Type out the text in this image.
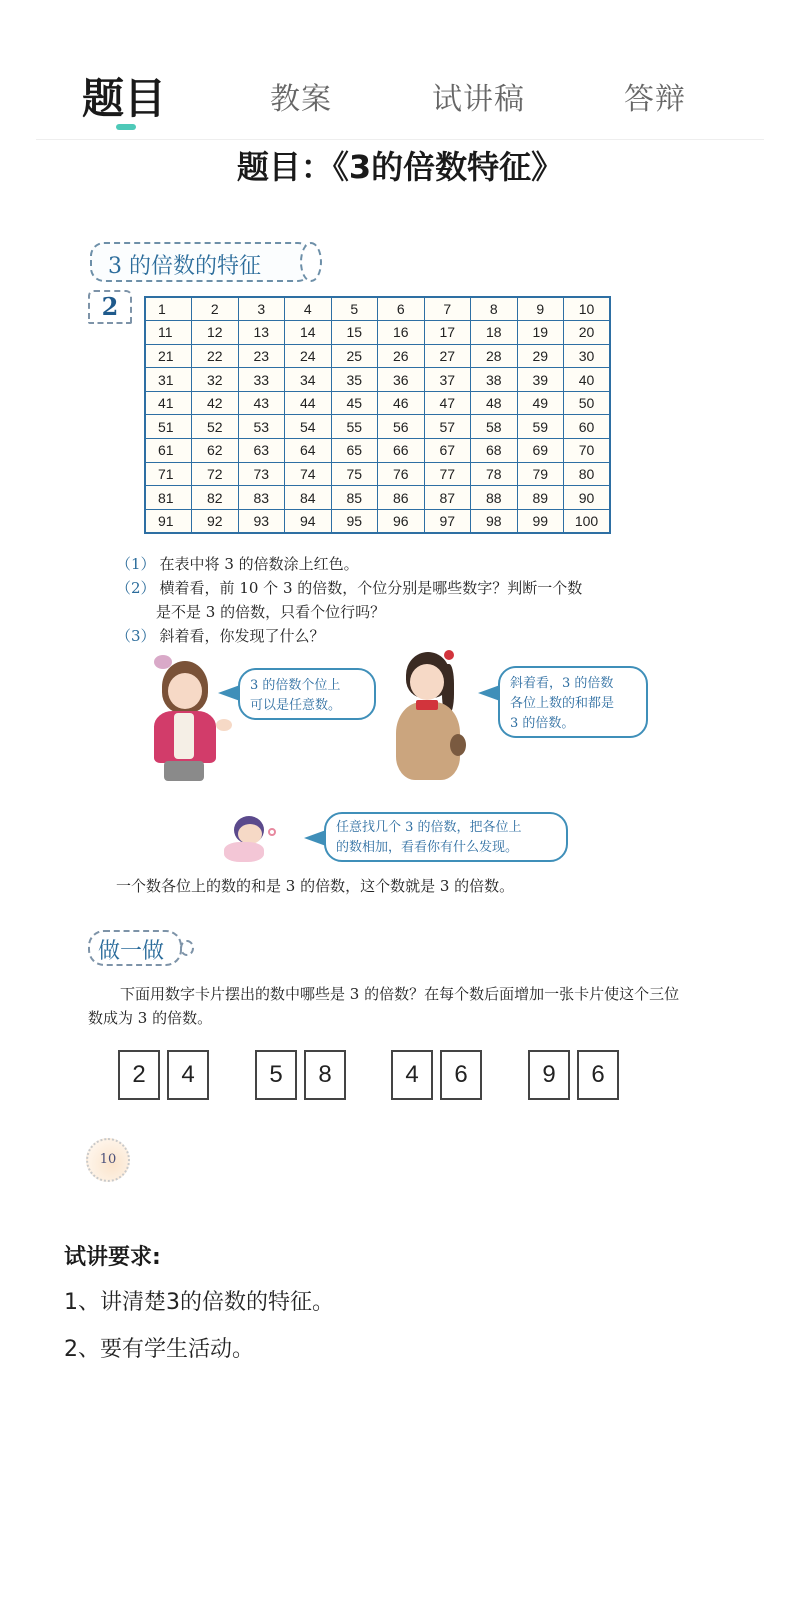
题目	教案	试讲稿	答辩
题目：《3的倍数特征》
3 的倍数的特征
2	1	2	3	4	5	6	7	8	9	10
11	12	13	14	15	16	17	18	19	20
21	22	23	24	25	26	27	28	29	30
31	32	33	34	35	36	37	38	39	40
41	42	43	44	45	46	47	48	49	50
51	52	53	54	55	56	57	58	59	60
61	62	63	64	65	66	67	68	69	70
71	72	73	74	75	76	77	78	79	80
81	82	83	84	85	86	87	88	89	90
91	92	93	94	95	96	97	98	99	100
（1） 在表中将 3 的倍数涂上红色。
（2） 横着看，前 10 个 3 的倍数，个位分别是哪些数字？判断一个数
是不是 3 的倍数，只看个位行吗？
（3） 斜着看，你发现了什么？
3 的倍数个位上
可以是任意数。
斜着看，3 的倍数
各位上数的和都是
3 的倍数。
任意找几个 3 的倍数，把各位上
的数相加，看看你有什么发现。
一个数各位上的数的和是 3 的倍数，这个数就是 3 的倍数。
做一做
下面用数字卡片摆出的数中哪些是 3 的倍数？在每个数后面增加一张卡片使这个三位数成为 3 的倍数。
2	4	5	8	4	6	9	6
10
试讲要求:
1、讲清楚3的倍数的特征。
2、要有学生活动。
